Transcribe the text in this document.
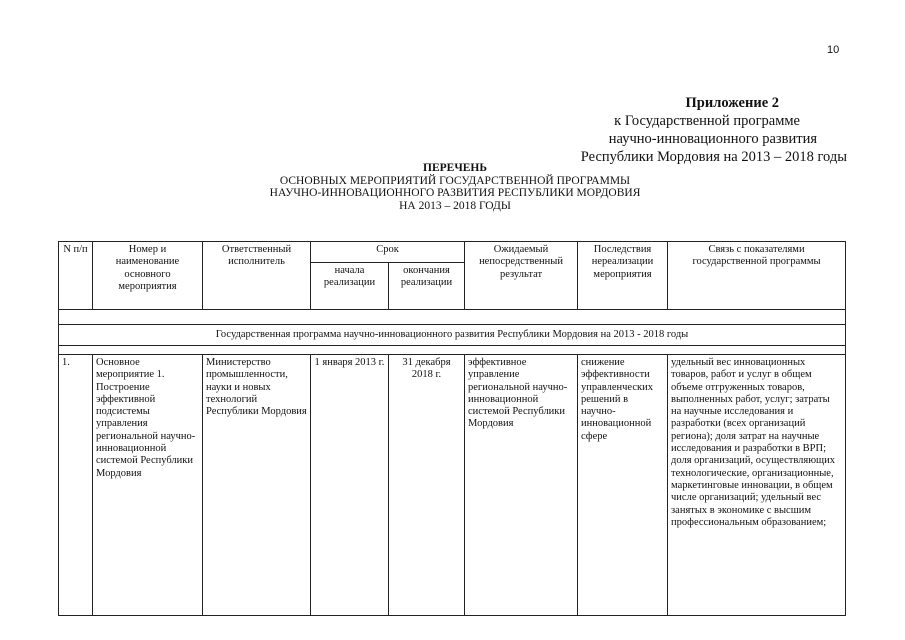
10
Приложение 2
к Государственной программе
научно-инновационного развития
Республики Мордовия на 2013 – 2018 годы
ПЕРЕЧЕНЬ
ОСНОВНЫХ МЕРОПРИЯТИЙ ГОСУДАРСТВЕННОЙ ПРОГРАММЫ
НАУЧНО-ИННОВАЦИОННОГО РАЗВИТИЯ РЕСПУБЛИКИ МОРДОВИЯ
НА 2013 – 2018 ГОДЫ
N п/п	Номер и наименование основного мероприятия	Ответственный исполнитель	Срок		Ожидаемый непосредственный результат	Последствия нереализации мероприятия	Связь с показателями государственной программы
			начала реализации	окончания реализации			

Государственная программа научно-инновационного развития Республики Мордовия на 2013 - 2018 годы							

1.	Основное мероприятие 1. Построение эффективной подсистемы управления региональной научно-инновационной системой Республики Мордовия	Министерство промышленности, науки и новых технологий Республики Мордовия	1 января 2013 г.	31 декабря 2018 г.	эффективное управление региональной научно-инновационной системой Республики Мордовия	снижение эффективности управленческих решений в научно-инновационной сфере	удельный вес инновационных товаров, работ и услуг в общем объеме отгруженных товаров, выполненных работ, услуг; затраты на научные исследования и разработки (всех организаций региона); доля затрат на научные исследования и разработки в ВРП; доля организаций, осуществляющих технологические, организационные, маркетинговые инновации, в общем числе организаций; удельный вес занятых в экономике с высшим профессиональным образованием;
